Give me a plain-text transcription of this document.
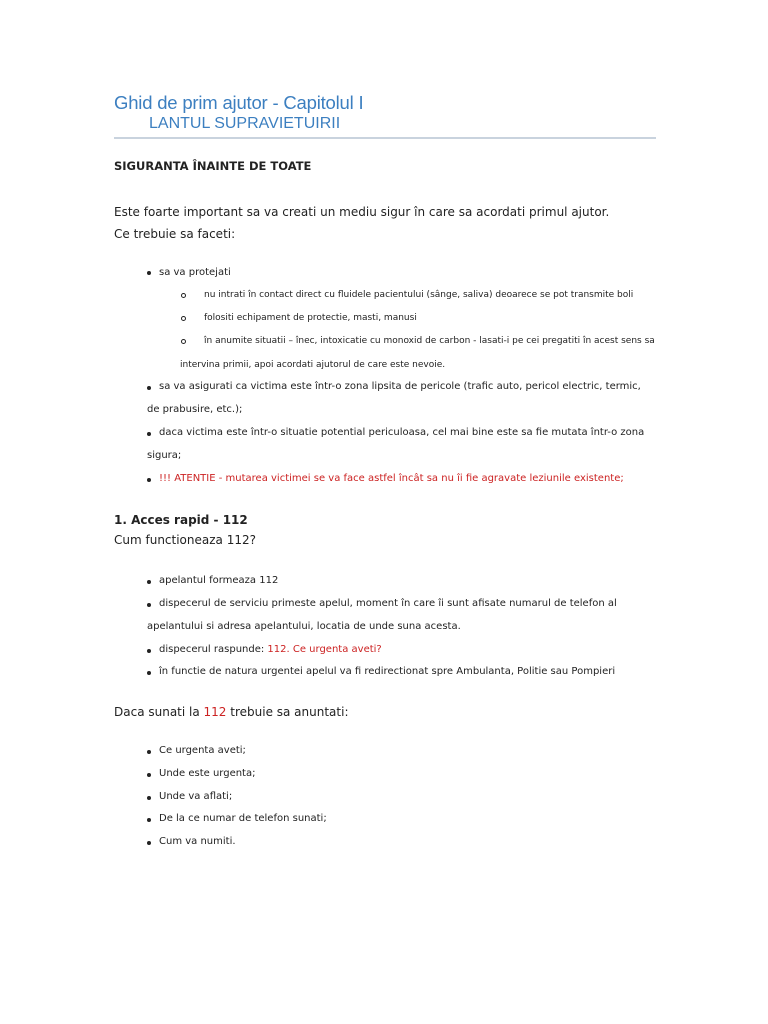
Ghid de prim ajutor - Capitolul I
LANTUL SUPRAVIETUIRII
SIGURANTA ÎNAINTE DE TOATE
Este foarte important sa va creati un mediu sigur în care sa acordati primul ajutor.
Ce trebuie sa faceti:
sa va protejati
nu intrati în contact direct cu fluidele pacientului (sânge, saliva) deoarece se pot transmite boli
folositi echipament de protectie, masti, manusi
în anumite situatii – înec, intoxicatie cu monoxid de carbon - lasati-i pe cei pregatiti în acest sens sa
intervina primii, apoi acordati ajutorul de care este nevoie.
sa va asigurati ca victima este într-o zona lipsita de pericole (trafic auto, pericol electric, termic,
de prabusire, etc.);
daca victima este într-o situatie potential periculoasa, cel mai bine este sa fie mutata într-o zona
sigura;
!!! ATENTIE - mutarea victimei se va face astfel încât sa nu îi fie agravate leziunile existente;
1. Acces rapid - 112
Cum functioneaza 112?
apelantul formeaza 112
dispecerul de serviciu primeste apelul, moment în care îi sunt afisate numarul de telefon al
apelantului si adresa apelantului, locatia de unde suna acesta.
dispecerul raspunde: 112. Ce urgenta aveti?
în functie de natura urgentei apelul va fi redirectionat spre Ambulanta, Politie sau Pompieri
Daca sunati la 112 trebuie sa anuntati:
Ce urgenta aveti;
Unde este urgenta;
Unde va aflati;
De la ce numar de telefon sunati;
Cum va numiti.
